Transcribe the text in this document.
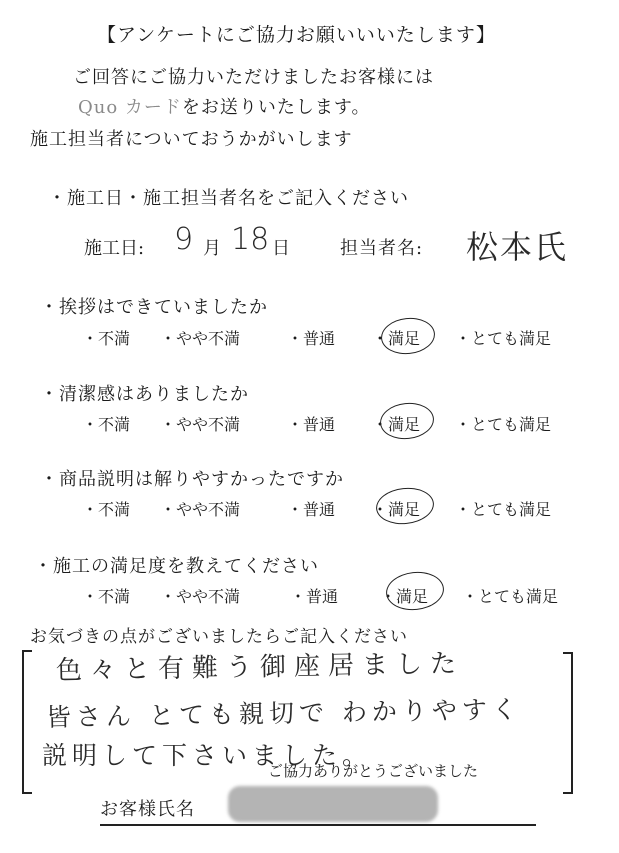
【アンケートにご協力お願いいいたします】
ご回答にご協力いただけましたお客様には
Quo カードをお送りいたします。
施工担当者についておうかがいします
・施工日・施工担当者名をご記入ください
施工日: 9 月 18 日	担当者名: 松本氏
・挨拶はできていましたか
・不満 ・やや不満	・普通 ・満足 ・とても満足
・清潔感はありましたか
・不満 ・やや不満	・普通 ・満足 ・とても満足
・商品説明は解りやすかったですか
・不満 ・やや不満	・普通 ・満足 ・とても満足
・施工の満足度を教えてください
・不満 ・やや不満	・普通	・満足 ・とても満足
お気づきの点がございましたらご記入ください
色々と有難う御座居ました
皆さん とても親切で わかりやすく
説明して下さいました。
ご協力ありがとうございました
お客様氏名
